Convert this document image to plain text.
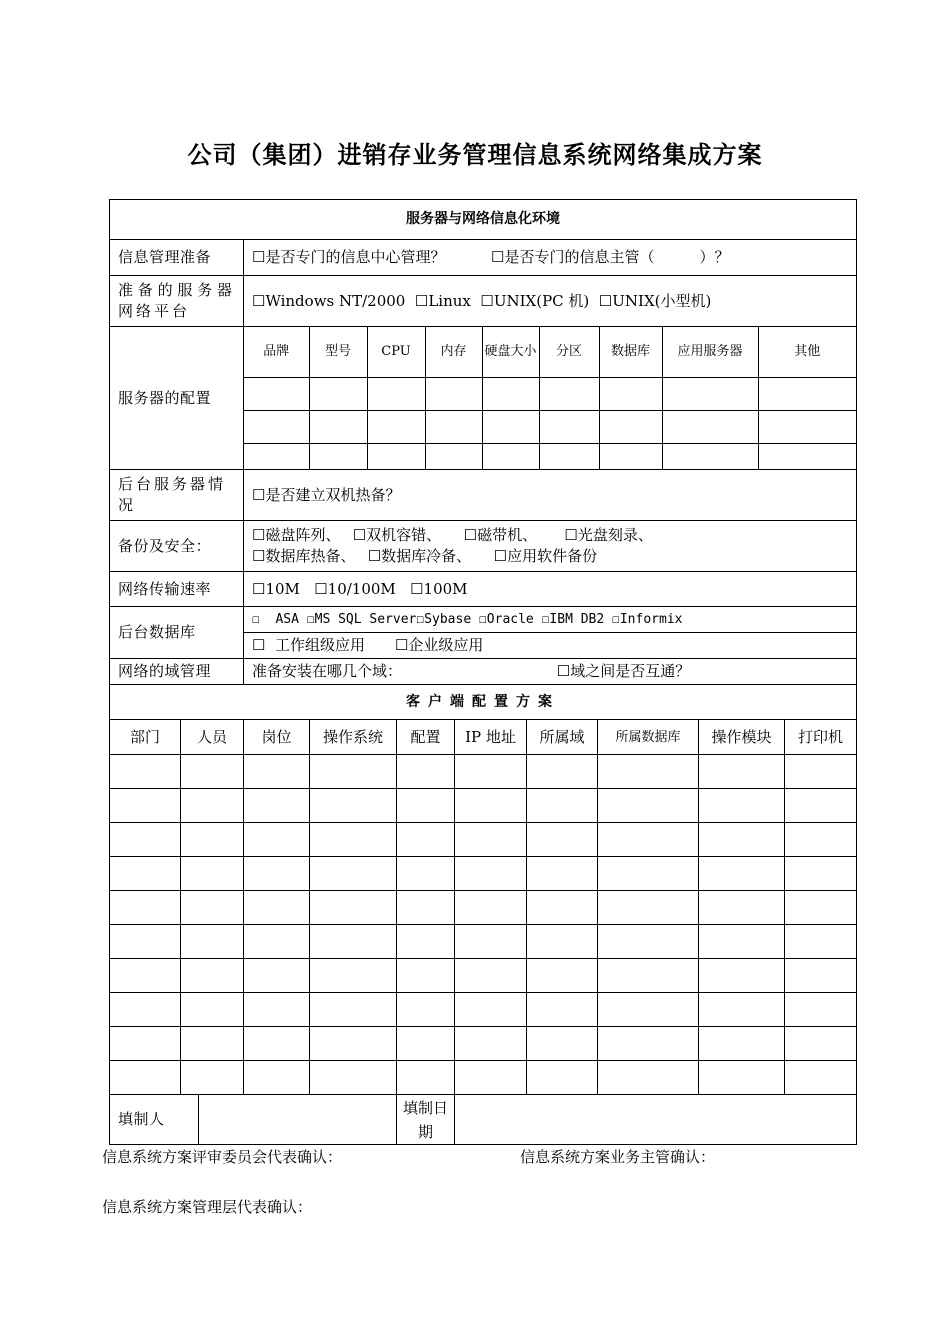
公司（集团）进销存业务管理信息系统网络集成方案
服务器与网络信息化环境
信息管理准备	☐是否专门的信息中心管理？	☐是否专门的信息主管（　　　）？
准备的服务器网络平台	☐Windows NT/2000  ☐Linux  ☐UNIX(PC 机)  ☐UNIX(小型机)
服务器的配置	
品牌	型号	CPU	内存	硬盘大小	分区	数据库	应用服务器	其他

后台服务器情况	☐是否建立双机热备？
备份及安全：	
☐磁盘阵列、　 ☐双机容错、　　☐磁带机、　　 ☐光盘刻录、
☐数据库热备、　 ☐数据库冷备、　　☐应用软件备份

网络传输速率	☐10M   ☐10/100M   ☐100M
后台数据库	
☐  ASA ☐MS SQL Server☐Sybase ☐Oracle ☐IBM DB2 ☐Informix
☐  工作组级应用　　☐企业级应用

网络的域管理	准备安装在哪几个域：	☐域之间是否互通？
客户端配置方案									
部门	人员	岗位	操作系统	配置	IP 地址	所属域	所属数据库	操作模块	打印机

填制人		填制日期	
信息系统方案评审委员会代表确认：	信息系统方案业务主管确认：
信息系统方案管理层代表确认：
